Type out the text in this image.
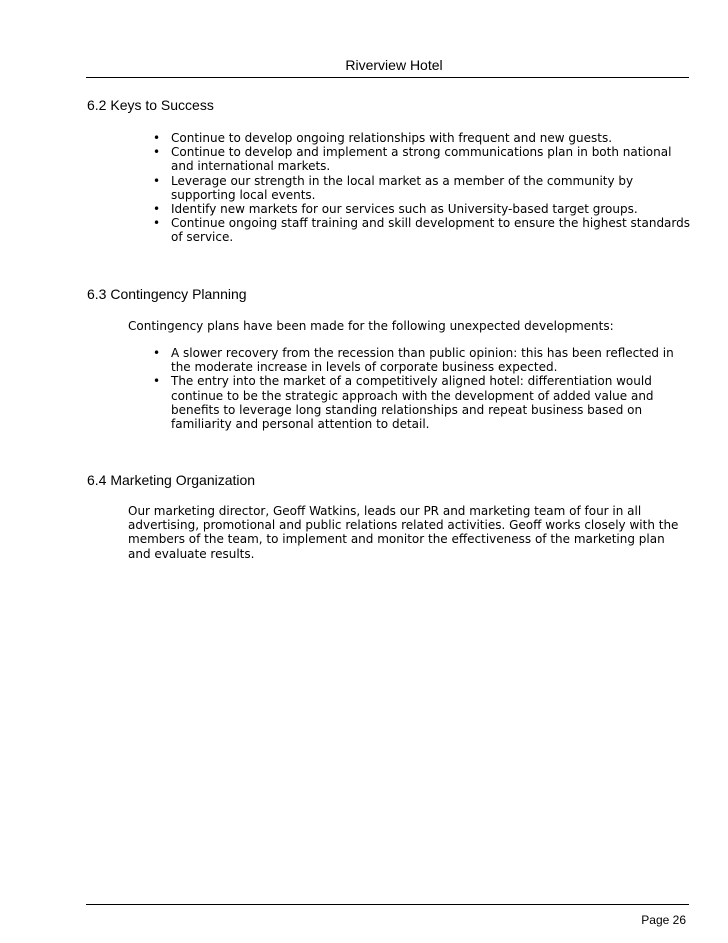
Riverview Hotel
6.2 Keys to Success
• Continue to develop ongoing relationships with frequent and new guests.
• Continue to develop and implement a strong communications plan in both national and international markets.
• Leverage our strength in the local market as a member of the community by supporting local events.
• Identify new markets for our services such as University-based target groups.
• Continue ongoing staff training and skill development to ensure the highest standards of service.
6.3 Contingency Planning
Contingency plans have been made for the following unexpected developments:
• A slower recovery from the recession than public opinion: this has been reflected in the moderate increase in levels of corporate business expected.
• The entry into the market of a competitively aligned hotel: differentiation would continue to be the strategic approach with the development of added value and benefits to leverage long standing relationships and repeat business based on familiarity and personal attention to detail.
6.4 Marketing Organization
Our marketing director, Geoff Watkins, leads our PR and marketing team of four in all advertising, promotional and public relations related activities. Geoff works closely with the members of the team, to implement and monitor the effectiveness of the marketing plan and evaluate results.
Page 26
